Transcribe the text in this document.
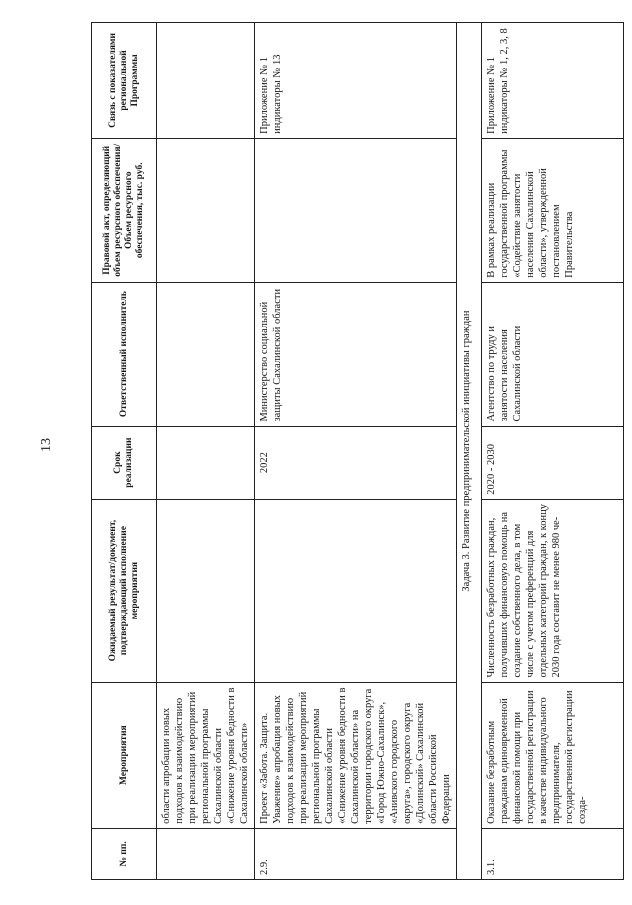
13
№ пп.	Мероприятия	Ожидаемый результат/документ, подтверждающий исполнение мероприятия	Срок реализации	Ответственный исполнитель	Правовой акт, определяющий объем ресурсного обеспечения/Объем ресурсного обеспечения, тыс. руб.	Связь с показателями региональной Программы
	области апробации новых подходов к взаимодействию при реализации мероприятий региональной программы Сахалинской области «Снижение уровня бедности в Сахалинской области»					
2.9.	Проект «Забота. Защита. Уважение» апробация новых подходов к взаимодействию при реализации мероприятий региональной программы Сахалинской области «Снижение уровня бедности в Сахалинской области» на территории городского округа «Город Южно-Сахалинск», «Анивского городского округа», городского округа «Долинский» Сахалинской области Российской Федерации		2022	Министерство социальной защиты Сахалинской области		Приложение № 1 индикаторы № 13
Задача 3. Развитие предпринимательской инициативы граждан						
3.1.	Оказание безработным гражданам единовременной финансовой помощи при государственной регистрации в качестве индивидуального предпринимателя, государственной регистрации созда-	Численность безработных граждан, получивших финансовую помощь на создание собственного дела, в том числе с учетом преференций для отдельных категорий граждан, к концу 2030 года составит не менее 980 че-	2020 - 2030	Агентство по труду и занятости населения Сахалинской области	В рамках реализации государственной программы «Содействие занятости населения Сахалинской области», утвержденной постановлением Правительства	Приложение № 1 индикаторы № 1, 2, 3, 8
